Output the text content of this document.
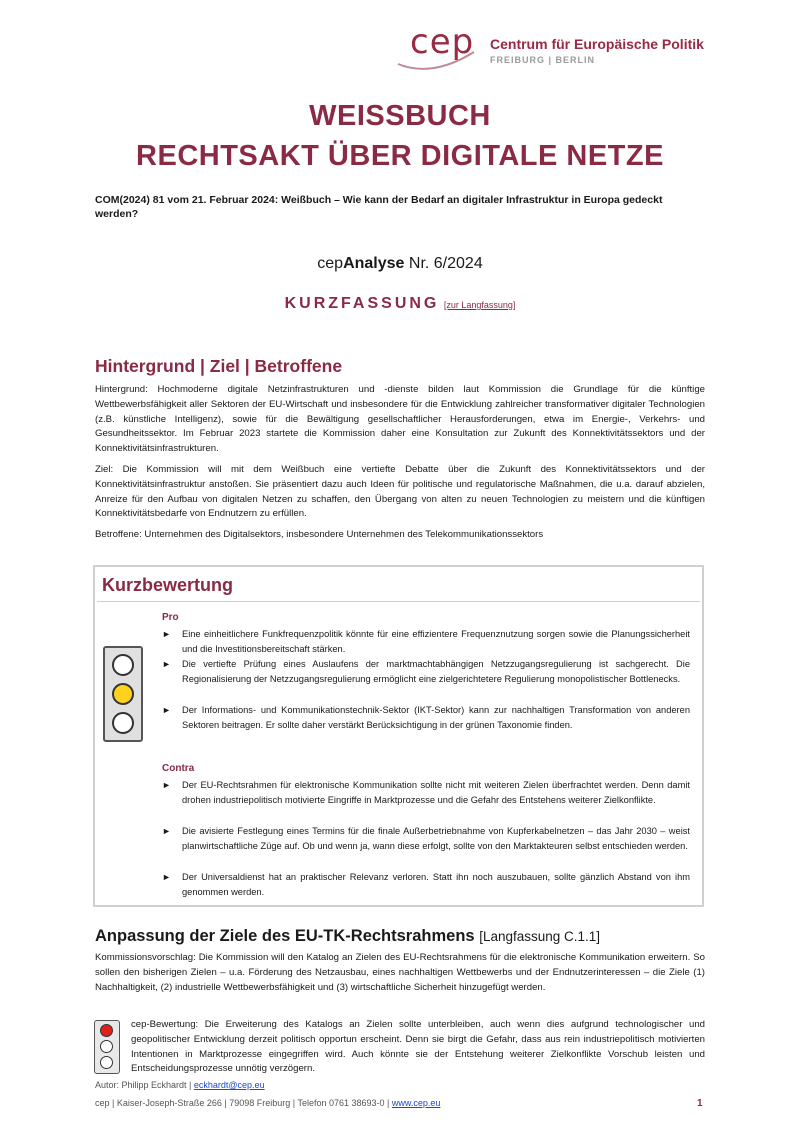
cep Centrum für Europäische Politik
FREIBURG | BERLIN
WEISSBUCH
RECHTSAKT ÜBER DIGITALE NETZE
COM(2024) 81 vom 21. Februar 2024: Weißbuch – Wie kann der Bedarf an digitaler Infrastruktur in Europa gedeckt werden?
cepAnalyse Nr. 6/2024
KURZFASSUNG [zur Langfassung]
Hintergrund | Ziel | Betroffene
Hintergrund: Hochmoderne digitale Netzinfrastrukturen und -dienste bilden laut Kommission die Grundlage für die künftige Wettbewerbsfähigkeit aller Sektoren der EU-Wirtschaft und insbesondere für die Entwicklung zahlreicher transformativer digitaler Technologien (z.B. künstliche Intelligenz), sowie für die Bewältigung gesellschaftlicher Herausforderungen, etwa im Energie-, Verkehrs- und Gesundheitssektor. Im Februar 2023 startete die Kommission daher eine Konsultation zur Zukunft des Konnektivitätssektors und der Konnektivitätsinfrastrukturen.
Ziel: Die Kommission will mit dem Weißbuch eine vertiefte Debatte über die Zukunft des Konnektivitätssektors und der Konnektivitätsinfrastruktur anstoßen. Sie präsentiert dazu auch Ideen für politische und regulatorische Maßnahmen, die u.a. darauf abzielen, Anreize für den Aufbau von digitalen Netzen zu schaffen, den Übergang von alten zu neuen Technologien zu meistern und die künftigen Konnektivitätsbedarfe von Endnutzern zu erfüllen.
Betroffene: Unternehmen des Digitalsektors, insbesondere Unternehmen des Telekommunikationssektors
Kurzbewertung
Pro
► Eine einheitlichere Funkfrequenzpolitik könnte für eine effizientere Frequenznutzung sorgen sowie die Planungssicherheit und die Investitionsbereitschaft stärken.
► Die vertiefte Prüfung eines Auslaufens der marktmachtabhängigen Netzzugangsregulierung ist sachgerecht. Die Regionalisierung der Netzzugangsregulierung ermöglicht eine zielgerichtetere Regulierung monopolistischer Bottlenecks.
► Der Informations- und Kommunikationstechnik-Sektor (IKT-Sektor) kann zur nachhaltigen Transformation von anderen Sektoren beitragen. Er sollte daher verstärkt Berücksichtigung in der grünen Taxonomie finden.
Contra
► Der EU-Rechtsrahmen für elektronische Kommunikation sollte nicht mit weiteren Zielen überfrachtet werden. Denn damit drohen industriepolitisch motivierte Eingriffe in Marktprozesse und die Gefahr des Entstehens weiterer Zielkonflikte.
► Die avisierte Festlegung eines Termins für die finale Außerbetriebnahme von Kupferkabelnetzen – das Jahr 2030 – weist planwirtschaftliche Züge auf. Ob und wenn ja, wann diese erfolgt, sollte von den Marktakteuren selbst entschieden werden.
► Der Universaldienst hat an praktischer Relevanz verloren. Statt ihn noch auszubauen, sollte gänzlich Abstand von ihm genommen werden.
Anpassung der Ziele des EU-TK-Rechtsrahmens [Langfassung C.1.1]
Kommissionsvorschlag: Die Kommission will den Katalog an Zielen des EU-Rechtsrahmens für die elektronische Kommunikation erweitern. So sollen den bisherigen Zielen – u.a. Förderung des Netzausbau, eines nachhaltigen Wettbewerbs und der Endnutzerinteressen – die Ziele (1) Nachhaltigkeit, (2) industrielle Wettbewerbsfähigkeit und (3) wirtschaftliche Sicherheit hinzugefügt werden.
cep-Bewertung: Die Erweiterung des Katalogs an Zielen sollte unterbleiben, auch wenn dies aufgrund technologischer und geopolitischer Entwicklung derzeit politisch opportun erscheint. Denn sie birgt die Gefahr, dass aus rein industriepolitisch motivierten Intentionen in Marktprozesse eingegriffen wird. Auch könnte sie der Entstehung weiterer Zielkonflikte Vorschub leisten und Entscheidungsprozesse unnötig verzögern.
Autor: Philipp Eckhardt | eckhardt@cep.eu
cep | Kaiser-Joseph-Straße 266 | 79098 Freiburg | Telefon 0761 38693-0 | www.cep.eu	1
